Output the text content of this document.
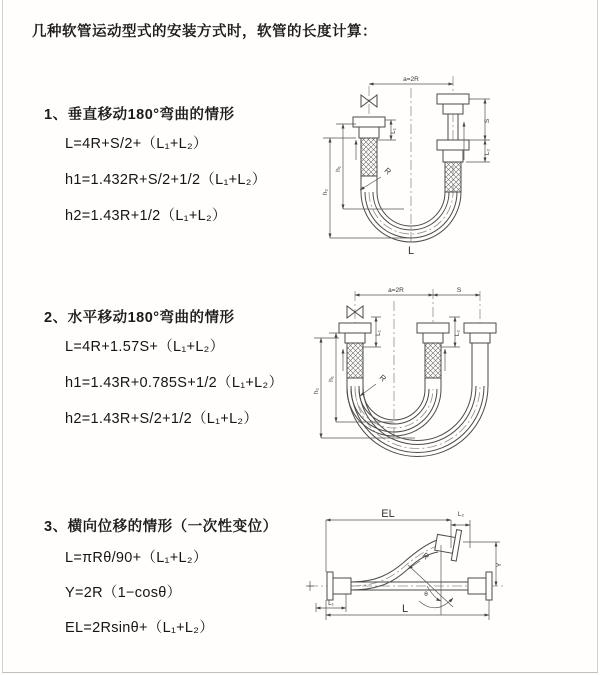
几种软管运动型式的安装方式时，软管的长度计算：
1、垂直移动180°弯曲的情形
L=4R+S/2+（L₁+L₂）
h1=1.432R+S/2+1/2（L₁+L₂）
h2=1.43R+1/2（L₁+L₂）
2、水平移动180°弯曲的情形
L=4R+1.57S+（L₁+L₂）
h1=1.43R+0.785S+1/2（L₁+L₂）
h2=1.43R+S/2+1/2（L₁+L₂）
3、横向位移的情形（一次性变位）
L=πRθ/90+（L₁+L₂）
Y=2R（1−cosθ）
EL=2Rsinθ+（L₁+L₂）
a=2R
S
L₂
L₁
h₁
h₂
R
L
a=2R	S
L₁	L₂
h₁
h₂
R
θ
R
EL	L₂
Y
L
L₁
